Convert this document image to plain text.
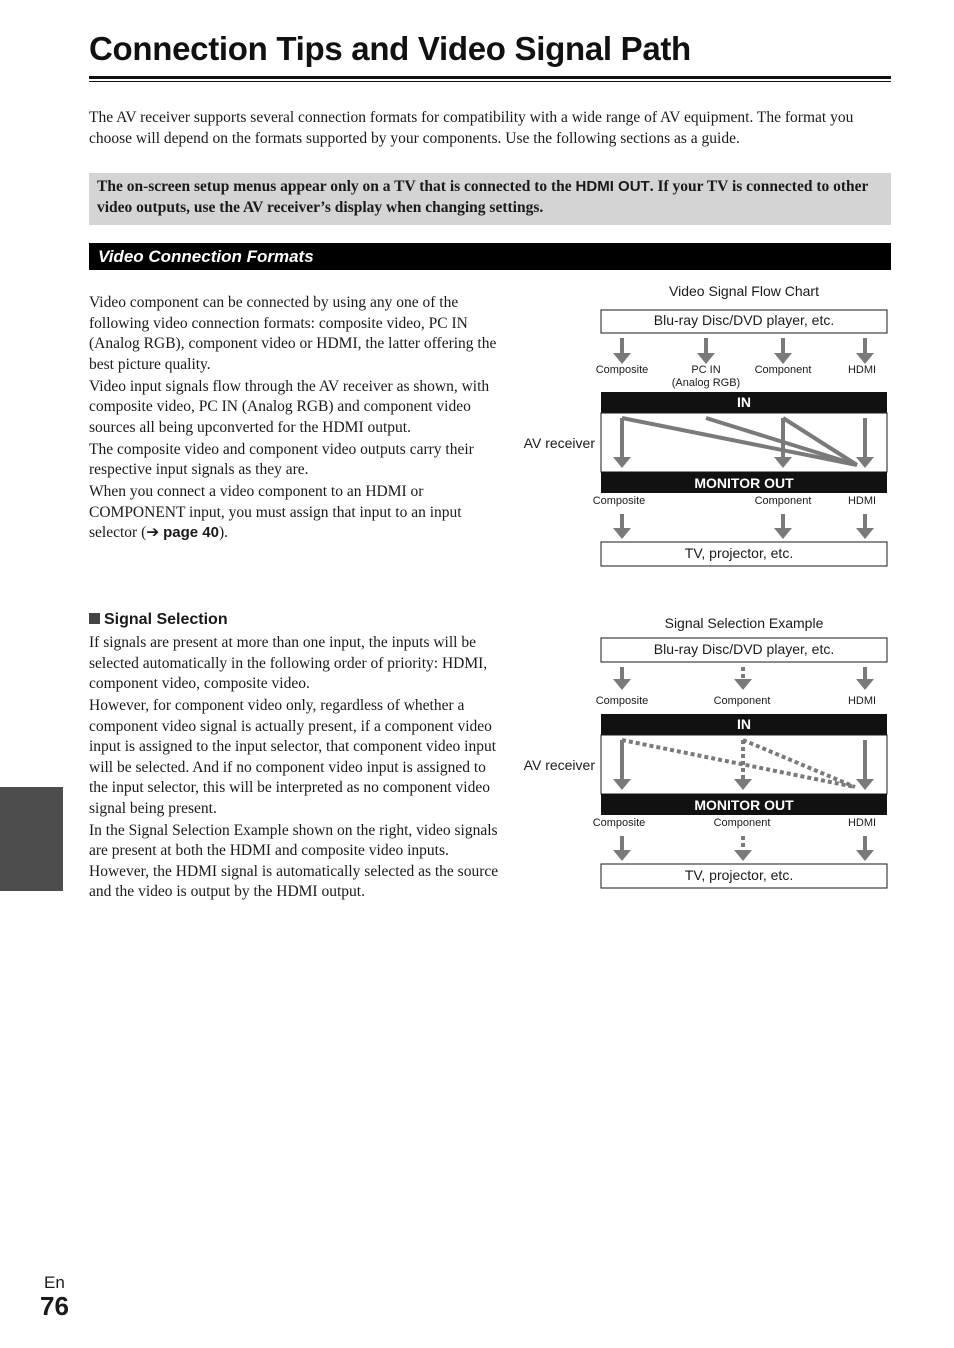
Connection Tips and Video Signal Path

The AV receiver supports several connection formats for compatibility with a wide range of AV equipment. The format you choose will depend on the formats supported by your components. Use the following sections as a guide.

The on-screen setup menus appear only on a TV that is connected to the HDMI OUT. If your TV is connected to other video outputs, use the AV receiver’s display when changing settings.
Video Connection Formats

Video component can be connected by using any one of the following video connection formats: composite video, PC IN (Analog RGB), component video or HDMI, the latter offering the best picture quality.

Video input signals flow through the AV receiver as shown, with composite video, PC IN (Analog RGB) and component video sources all being upconverted for the HDMI output.

The composite video and component video outputs carry their respective input signals as they are.

When you connect a video component to an HDMI or COMPONENT input, you must assign that input to an input selector (➔ page 40).

Signal Selection

If signals are present at more than one input, the inputs will be selected automatically in the following order of priority: HDMI, component video, composite video.

However, for component video only, regardless of whether a component video signal is actually present, if a component video input is assigned to the input selector, that component video input will be selected. And if no component video input is assigned to the input selector, this will be interpreted as no component video signal being present.

In the Signal Selection Example shown on the right, video signals are present at both the HDMI and composite video inputs. However, the HDMI signal is automatically selected as the source and the video is output by the HDMI output.

Video Signal Flow Chart
Blu-ray Disc/DVD player, etc.
Composite	PC IN
(Analog RGB)
Component	HDMI
IN
AV receiver
MONITOR OUT
Composite	Component	HDMI
TV, projector, etc.
Signal Selection Example
Blu-ray Disc/DVD player, etc.
Composite	Component	HDMI
IN
AV receiver
MONITOR OUT
Composite	Component	HDMI
TV, projector, etc.
En
76
